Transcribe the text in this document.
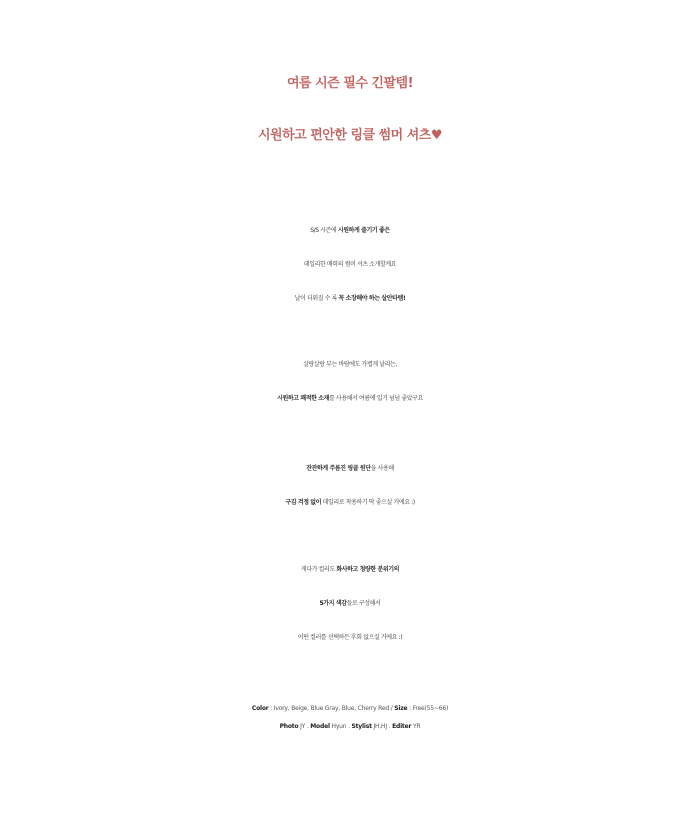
여름 시즌 필수 긴팔템!
시원하고 편안한 링클 썸머 셔츠♥
S/S 시즌에 시원하게 즐기기 좋은
데일리한 매력의 썸머 셔츠 소개할게요
날이 더워질 수 록 꼭 소장해야 하는 살안타템!
살랑살랑 부는 바람에도 가볍게 날리는,
시원하고 쾌적한 소재를 사용해서 여름에 입기 넘넘 좋았구요
잔잔하게 주름진 링클 원단을 사용해
구김 걱정 없이 데일리로 착용하기 딱 좋으실 거에요 :)
게다가 컬러도 화사하고 청량한 분위기의
5가지 색감들로 구성해서
어떤 컬러를 선택하든 후회 없으실 거에요 :)
Color : Ivory, Beige, Blue Gray, Blue, Cherry Red / Size : Free(55~66)
Photo JY . Model Hyun . Stylist JH,HJ . Editer YR
